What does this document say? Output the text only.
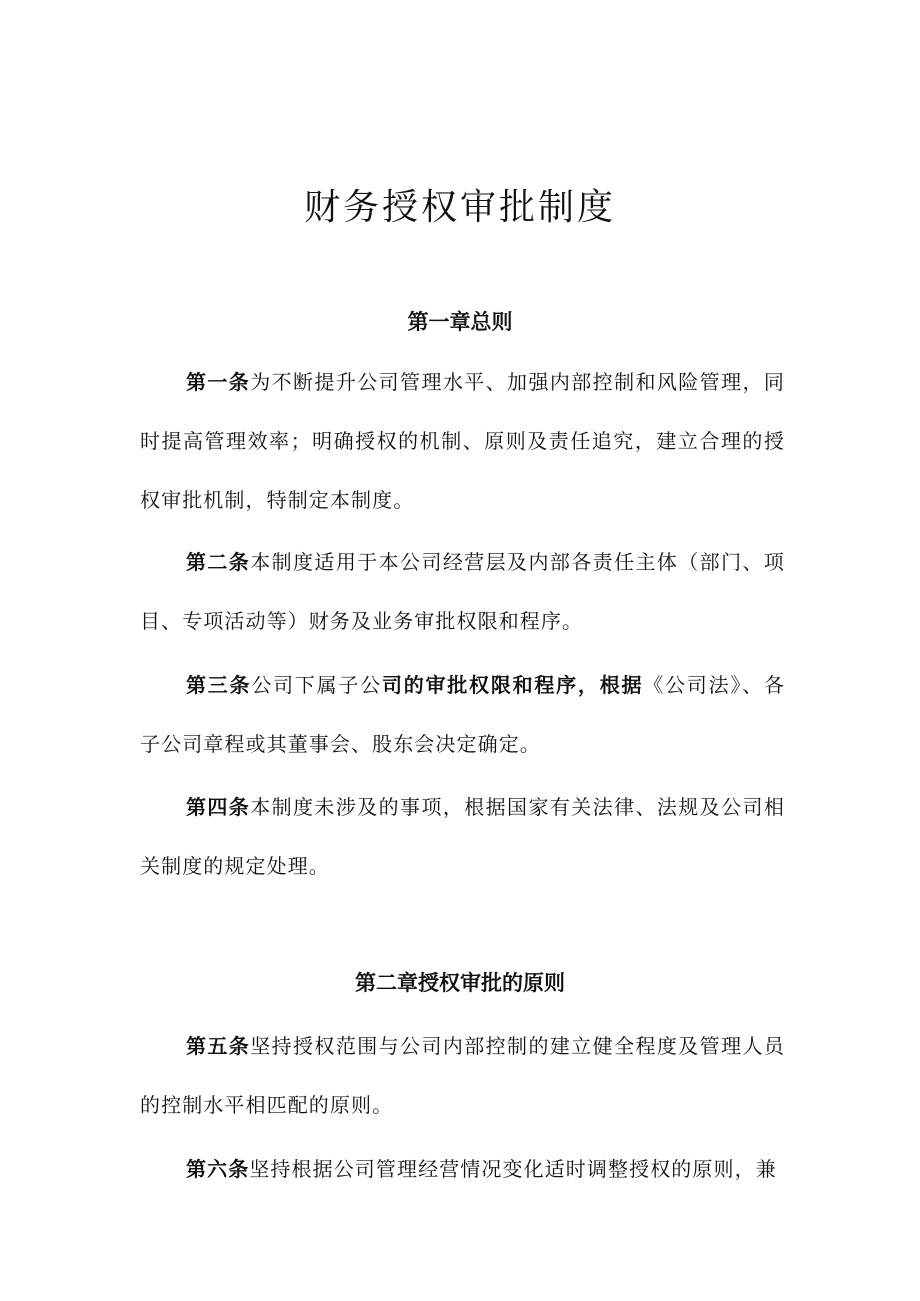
财务授权审批制度
第一章总则

第一条为不断提升公司管理水平、加强内部控制和风险管理，同时提高管理效率；明确授权的机制、原则及责任追究，建立合理的授权审批机制，特制定本制度。

第二条本制度适用于本公司经营层及内部各责任主体（部门、项目、专项活动等）财务及业务审批权限和程序。

第三条公司下属子公司的审批权限和程序，根据《公司法》、各子公司章程或其董事会、股东会决定确定。

第四条本制度未涉及的事项，根据国家有关法律、法规及公司相关制度的规定处理。

第二章授权审批的原则

第五条坚持授权范围与公司内部控制的建立健全程度及管理人员的控制水平相匹配的原则。

第六条坚持根据公司管理经营情况变化适时调整授权的原则，兼
